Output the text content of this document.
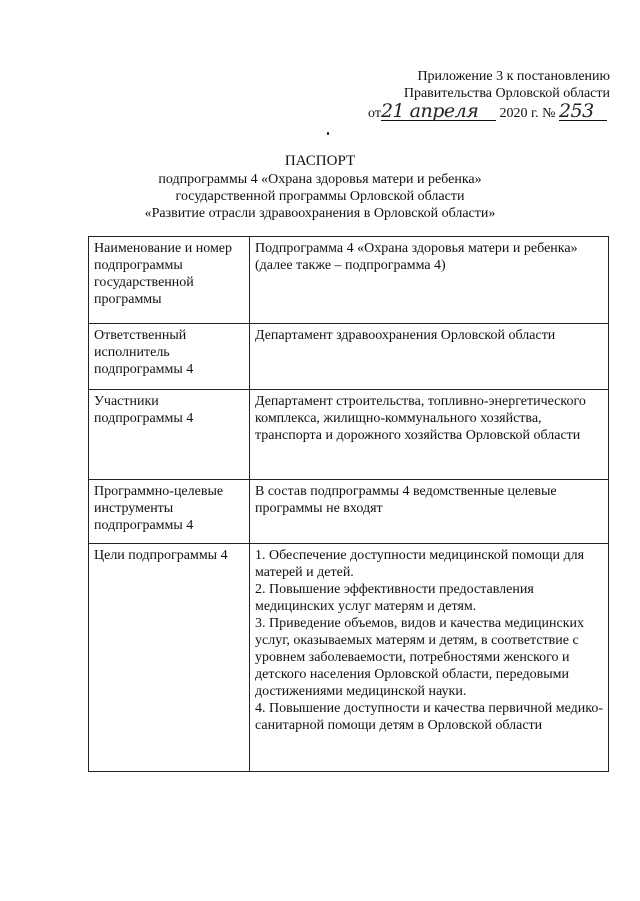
Приложение 3 к постановлению
Правительства Орловской области
от21 апреля 2020 г. № 253
ПАСПОРТ
подпрограммы 4 «Охрана здоровья матери и ребенка»
государственной программы Орловской области
«Развитие отрасли здравоохранения в Орловской области»
Наименование и номер подпрограммы государственной программы	Подпрограмма 4 «Охрана здоровья матери и ребенка» (далее также – подпрограмма 4)

Ответственный исполнитель подпрограммы 4	Департамент здравоохранения Орловской области

Участники подпрограммы 4	Департамент строительства, топливно-энергетического комплекса, жилищно-коммунального хозяйства, транспорта и дорожного хозяйства Орловской области

Программно-целевые инструменты подпрограммы 4	В состав подпрограммы 4 ведомственные целевые программы не входят

Цели подпрограммы 4	1. Обеспечение доступности медицинской помощи для матерей и детей.
2. Повышение эффективности предоставления медицинских услуг матерям и детям.
3. Приведение объемов, видов и качества медицинских услуг, оказываемых матерям и детям, в соответствие с уровнем заболеваемости, потребностями женского и детского населения Орловской области, передовыми достижениями медицинской науки.
4. Повышение доступности и качества первичной медико-санитарной помощи детям в Орловской области
